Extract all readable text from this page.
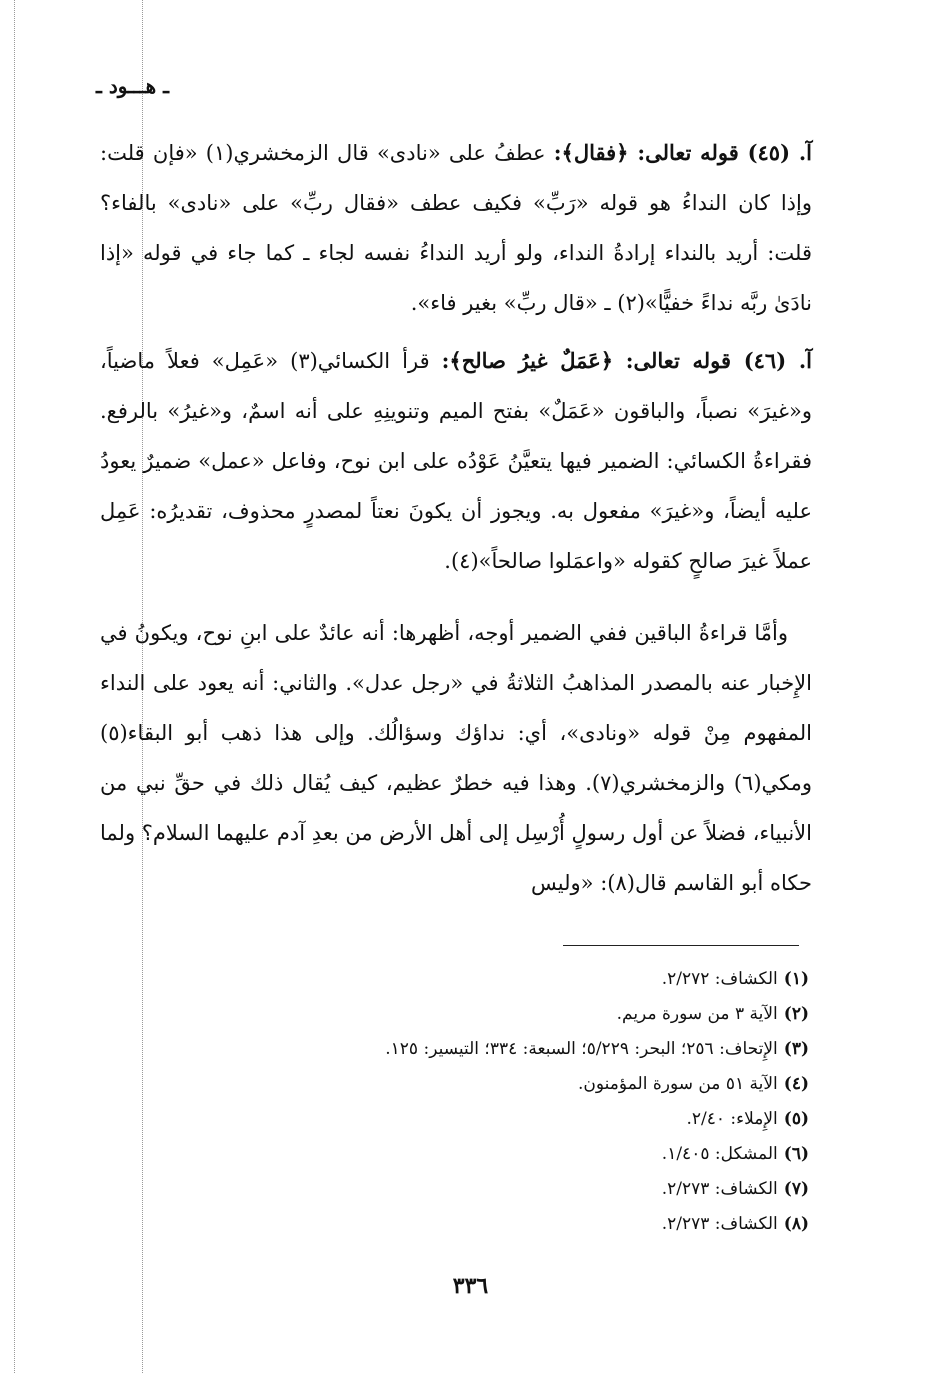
ـ هـــود ـ

آ. (٤٥) قوله تعالى: ﴿فقال﴾: عطفُ على «نادى» قال الزمخشري(١) «فإن قلت: وإذا كان النداءُ هو قوله «رَبِّ» فكيف عطف «فقال ربِّ» على «نادى» بالفاء؟ قلت: أريد بالنداء إرادةُ النداء، ولو أريد النداءُ نفسه لجاء ـ كما جاء في قوله «إذا نادَىٰ ربَّه نداءً خفيًّا»(٢) ـ «قال ربِّ» بغير فاء».

آ. (٤٦) قوله تعالى: ﴿عَمَلٌ غيرُ صالح﴾: قرأ الكسائي(٣) «عَمِل» فعلاً ماضياً، و«غيرَ» نصباً، والباقون «عَمَلٌ» بفتح الميم وتنوينِهِ على أنه اسمٌ، و«غيرُ» بالرفع. فقراءةُ الكسائي: الضمير فيها يتعيَّنُ عَوْدُه على ابن نوح، وفاعل «عمل» ضميرٌ يعودُ عليه أيضاً، و«غيرَ» مفعول به. ويجوز أن يكونَ نعتاً لمصدرٍ محذوف، تقديرُه: عَمِل عملاً غيرَ صالحٍ كقوله «واعمَلوا صالحاً»(٤).

وأمَّا قراءةُ الباقين ففي الضمير أوجه، أظهرها: أنه عائدٌ على ابنِ نوح، ويكونُ في الإِخبار عنه بالمصدر المذاهبُ الثلاثةُ في «رجل عدل». والثاني: أنه يعود على النداء المفهوم مِنْ قوله «ونادى»، أي: نداؤك وسؤالُك. وإلى هذا ذهب أبو البقاء(٥) ومكي(٦) والزمخشري(٧). وهذا فيه خطرٌ عظيم، كيف يُقال ذلك في حقِّ نبي من الأنبياء، فضلاً عن أول رسولٍ أُرْسِل إلى أهل الأرض من بعدِ آدم عليهما السلام؟ ولما حكاه أبو القاسم قال(٨): «وليس

(١)الكشاف: ٢/٢٧٢.
(٢)الآية ٣ من سورة مريم.
(٣)الإِتحاف: ٢٥٦؛ البحر: ٥/٢٢٩؛ السبعة: ٣٣٤؛ التيسير: ١٢٥.
(٤)الآية ٥١ من سورة المؤمنون.
(٥)الإِملاء: ٢/٤٠.
(٦)المشكل: ١/٤٠٥.
(٧)الكشاف: ٢/٢٧٣.
(٨)الكشاف: ٢/٢٧٣.
٣٣٦
